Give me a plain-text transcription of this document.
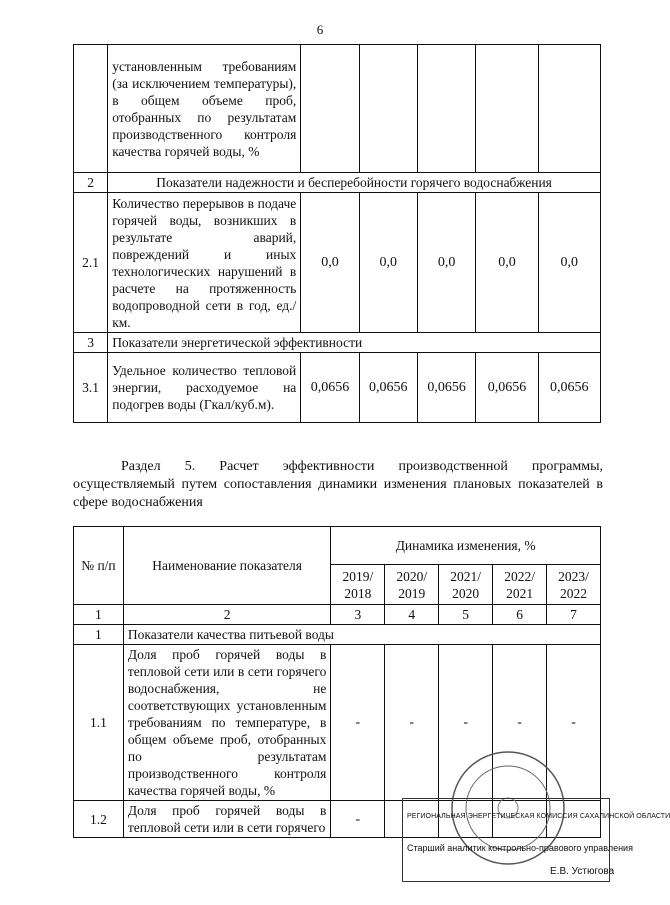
6
	установленным требованиям (за исключением температуры), в общем объеме проб, отобранных по результатам производственного контроля качества горячей воды, %					
2	Показатели надежности и бесперебойности горячего водоснабжения					
2.1	Количество перерывов в подаче горячей воды, возникших в результате аварий, повреждений и иных технологических нарушений в расчете на протяженность водопроводной сети в год, ед./км.	0,0	0,0	0,0	0,0	0,0
3	Показатели энергетической эффективности					
3.1	Удельное количество тепловой энергии, расходуемое на подогрев воды (Гкал/куб.м).	0,0656	0,0656	0,0656	0,0656	0,0656
Раздел 5. Расчет эффективности производственной программы, осуществляемый путем сопоставления динамики изменения плановых показателей в сфере водоснабжения
№ п/п	Наименование показателя	Динамика изменения, %				
		2019/ 2018	2020/ 2019	2021/ 2020	2022/ 2021	2023/ 2022
1	2	3	4	5	6	7
1	Показатели качества питьевой воды					
1.1	Доля проб горячей воды в тепловой сети или в сети горячего водоснабжения, не соответствующих установленным требованиям по температуре, в общем объеме проб, отобранных по результатам производственного контроля качества горячей воды, %	-	-	-	-	-
1.2	Доля проб горячей воды в тепловой сети или в сети горячего	-					РЕГИОНАЛЬНАЯ ЭНЕРГЕТИЧЕСКАЯ КОМИССИЯ САХАЛИНСКОЙ ОБЛАСТИ
Старший аналитик контрольно-правового управления
Е.В. Устюгова
